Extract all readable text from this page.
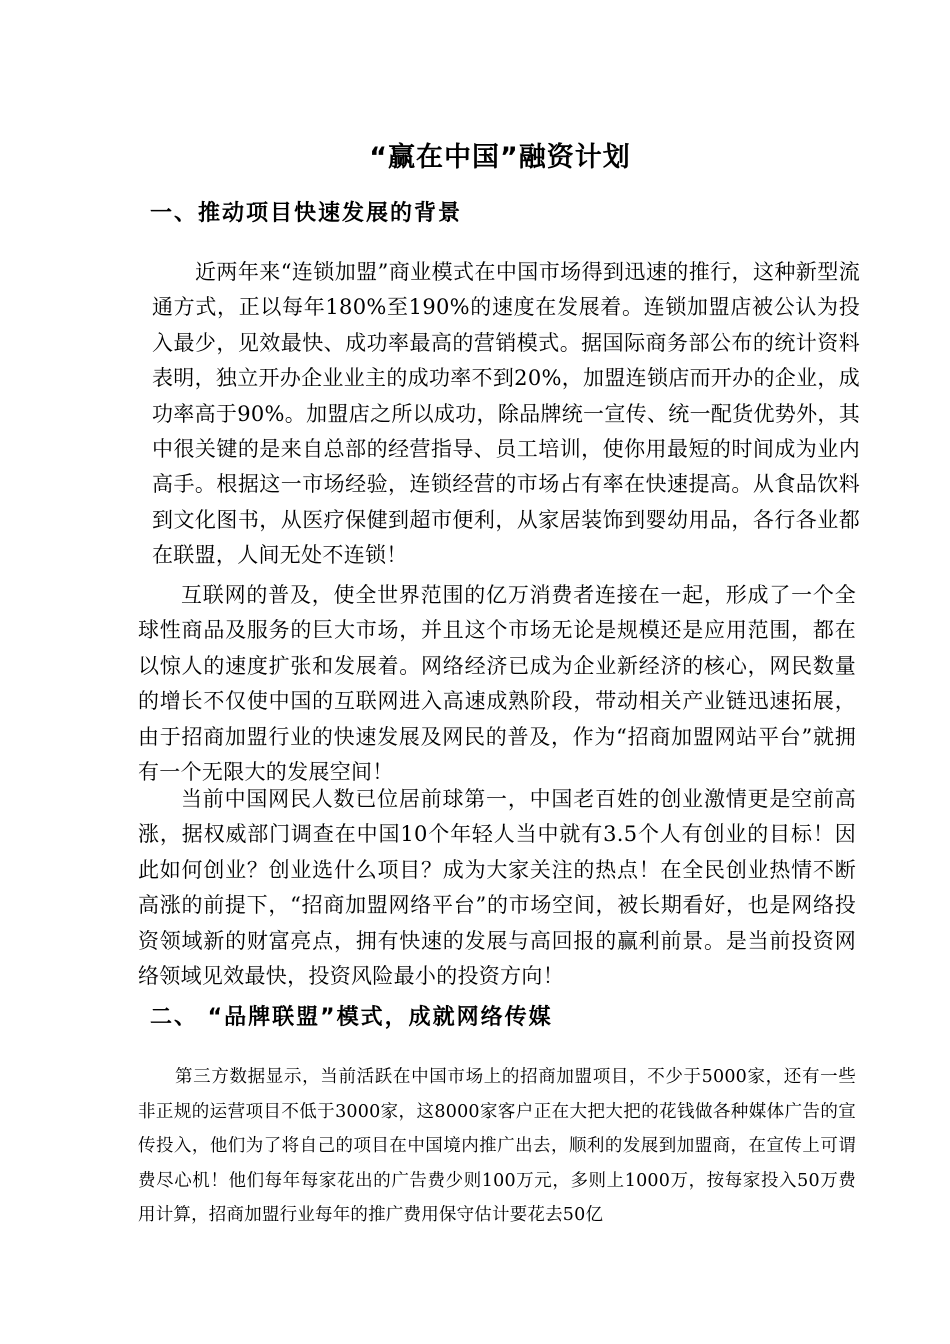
“赢在中国”融资计划
一、推动项目快速发展的背景

近两年来“连锁加盟”商业模式在中国市场得到迅速的推行，这种新型流通方式，正以每年180%至190%的速度在发展着。连锁加盟店被公认为投入最少，见效最快、成功率最高的营销模式。据国际商务部公布的统计资料表明，独立开办企业业主的成功率不到20%，加盟连锁店而开办的企业，成功率高于90%。加盟店之所以成功，除品牌统一宣传、统一配货优势外，其中很关键的是来自总部的经营指导、员工培训，使你用最短的时间成为业内高手。根据这一市场经验，连锁经营的市场占有率在快速提高。从食品饮料到文化图书，从医疗保健到超市便利，从家居装饰到婴幼用品，各行各业都在联盟，人间无处不连锁！

互联网的普及，使全世界范围的亿万消费者连接在一起，形成了一个全球性商品及服务的巨大市场，并且这个市场无论是规模还是应用范围，都在以惊人的速度扩张和发展着。网络经济已成为企业新经济的核心，网民数量的增长不仅使中国的互联网进入高速成熟阶段，带动相关产业链迅速拓展，由于招商加盟行业的快速发展及网民的普及，作为“招商加盟网站平台”就拥有一个无限大的发展空间！

当前中国网民人数已位居前球第一，中国老百姓的创业激情更是空前高涨，据权威部门调查在中国10个年轻人当中就有3.5个人有创业的目标！因此如何创业？创业选什么项目？成为大家关注的热点！在全民创业热情不断高涨的前提下，“招商加盟网络平台”的市场空间，被长期看好，也是网络投资领域新的财富亮点，拥有快速的发展与高回报的赢利前景。是当前投资网络领域见效最快，投资风险最小的投资方向！

二、 “品牌联盟”模式，成就网络传媒

第三方数据显示，当前活跃在中国市场上的招商加盟项目，不少于5000家，还有一些非正规的运营项目不低于3000家，这8000家客户正在大把大把的花钱做各种媒体广告的宣传投入，他们为了将自己的项目在中国境内推广出去，顺利的发展到加盟商，在宣传上可谓费尽心机！他们每年每家花出的广告费少则100万元，多则上1000万，按每家投入50万费用计算，招商加盟行业每年的推广费用保守估计要花去50亿
